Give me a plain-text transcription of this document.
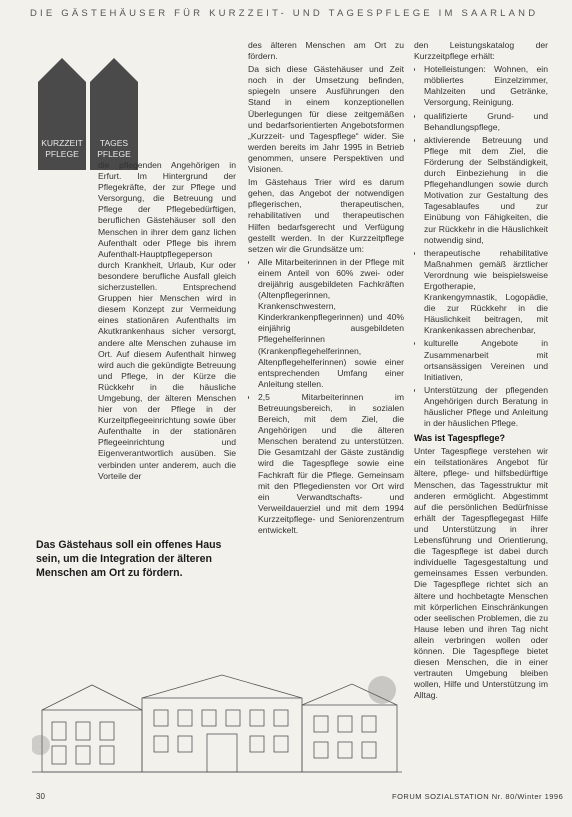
DIE GÄSTEHÄUSER FÜR KURZZEIT- UND TAGESPFLEGE IM SAARLAND
KURZZEIT
PFLEGE
TAGES
PFLEGE

die pflegenden Angehörigen in Erfurt. Im Hintergrund der Pflegekräfte, der zur Pflege und Versorgung, die Betreuung und Pflege der Pflegebedürftigen, beruflichen Gästehäuser soll den Menschen in ihrer dem ganz lichen Aufenthalt oder Pflege bis ihrem Aufenthalt-Hauptpflegeperson durch Krankheit, Urlaub, Kur oder besondere berufliche Ausfall gleich sicherzustellen. Entsprechend Gruppen hier Menschen wird in diesem Konzept zur Vermeidung eines stationären Aufenthalts im Akutkrankenhaus sicher versorgt, andere alte Menschen zuhause im Ort. Auf diesem Aufenthalt hinweg wird auch die gekündigte Betreuung und Pflege, in der Kürze die Rückkehr in die häusliche Umgebung, der älteren Menschen hier von der Pflege in der Kurzeitpflegeeinrichtung sowie über Aufenthalte in der stationären Pflegeeinrichtung und Eigenverantwortlich ausüben. Sie verbinden unter anderem, auch die Vorteile der

Das Gästehaus soll ein offenes Haus sein, um die Integration der älteren Menschen am Ort zu fördern.

des älteren Menschen am Ort zu fördern.

Da sich diese Gästehäuser und Zeit noch in der Umsetzung befinden, spiegeln unsere Ausführungen den Stand in einem konzeptionellen Überlegungen für diese zeitgemäßen und bedarfsorientierten Angebotsformen „Kurzzeit- und Tagespflege“ wider. Sie werden bereits im Jahr 1995 in Betrieb genommen, unsere Perspektiven und Visionen.

Im Gästehaus Trier wird es darum gehen, das Angebot der notwendigen pflegerischen, therapeutischen, rehabilitativen und therapeutischen Hilfen bedarfsgerecht und Verfügung gestellt werden. In der Kurzzeitpflege setzen wir die Grundsätze um:

• Alle Mitarbeiterinnen in der Pflege mit einem Anteil von 60% zwei- oder dreijährig ausgebildeten Fachkräften (Altenpflegerinnen, Krankenschwestern, Kinderkrankenpflegerinnen) und 40% einjährig ausgebildeten Pflegehelferinnen (Krankenpflegehelferinnen, Altenpflegehelferinnen) sowie einer entsprechenden Umfang einer Anleitung stellen.
• 2,5 Mitarbeiterinnen im Betreuungsbereich, in sozialen Bereich, mit dem Ziel, die Angehörigen und die älteren Menschen beratend zu unterstützen. Die Gesamtzahl der Gäste zuständig wird die Tagespflege sowie eine Fachkraft für die Pflege. Gemeinsam mit den Pflegediensten vor Ort wird ein Verwandtschafts- und Verweildauerziel und mit dem 1994 Kurzzeitpflege- und Seniorenzentrum entwickelt.

den Leistungskatalog der Kurzzeitpflege erhält:

• Hotelleistungen: Wohnen, ein möbliertes Einzelzimmer, Mahlzeiten und Getränke, Versorgung, Reinigung.
• qualifizierte Grund- und Behandlungspflege,
• aktivierende Betreuung und Pflege mit dem Ziel, die Förderung der Selbständigkeit, durch Einbeziehung in die Pflegehandlungen sowie durch Motivation zur Gestaltung des Tagesablaufes und zur Einübung von Fähigkeiten, die zur Rückkehr in die Häuslichkeit notwendig sind,
• therapeutische rehabilitative Maßnahmen gemäß ärztlicher Verordnung wie beispielsweise Ergotherapie, Krankengymnastik, Logopädie, die zur Rückkehr in die Häuslichkeit beitragen, mit Krankenkassen abrechenbar,
• kulturelle Angebote in Zusammenarbeit mit ortsansässigen Vereinen und Initiativen,
• Unterstützung der pflegenden Angehörigen durch Beratung in häuslicher Pflege und Anleitung in der häuslichen Pflege.
Was ist Tagespflege?

Unter Tagespflege verstehen wir ein teilstationäres Angebot für ältere, pflege- und hilfsbedürftige Menschen, das Tagesstruktur mit anderen ermöglicht. Abgestimmt auf die persönlichen Bedürfnisse erhält der Tagespflegegast Hilfe und Unterstützung in ihrer Lebensführung und Orientierung, die Tagespflege ist dabei durch individuelle Tagesgestaltung und gemeinsames Essen verbunden. Die Tagespflege richtet sich an ältere und hochbetagte Menschen mit körperlichen Einschränkungen oder seelischen Problemen, die zu Hause leben und ihren Tag nicht allein verbringen wollen oder können. Die Tagespflege bietet diesen Menschen, die in einer vertrauten Umgebung bleiben wollen, Hilfe und Unterstützung im Alltag.

30	FORUM SOZIALSTATION Nr. 80/Winter 1996
